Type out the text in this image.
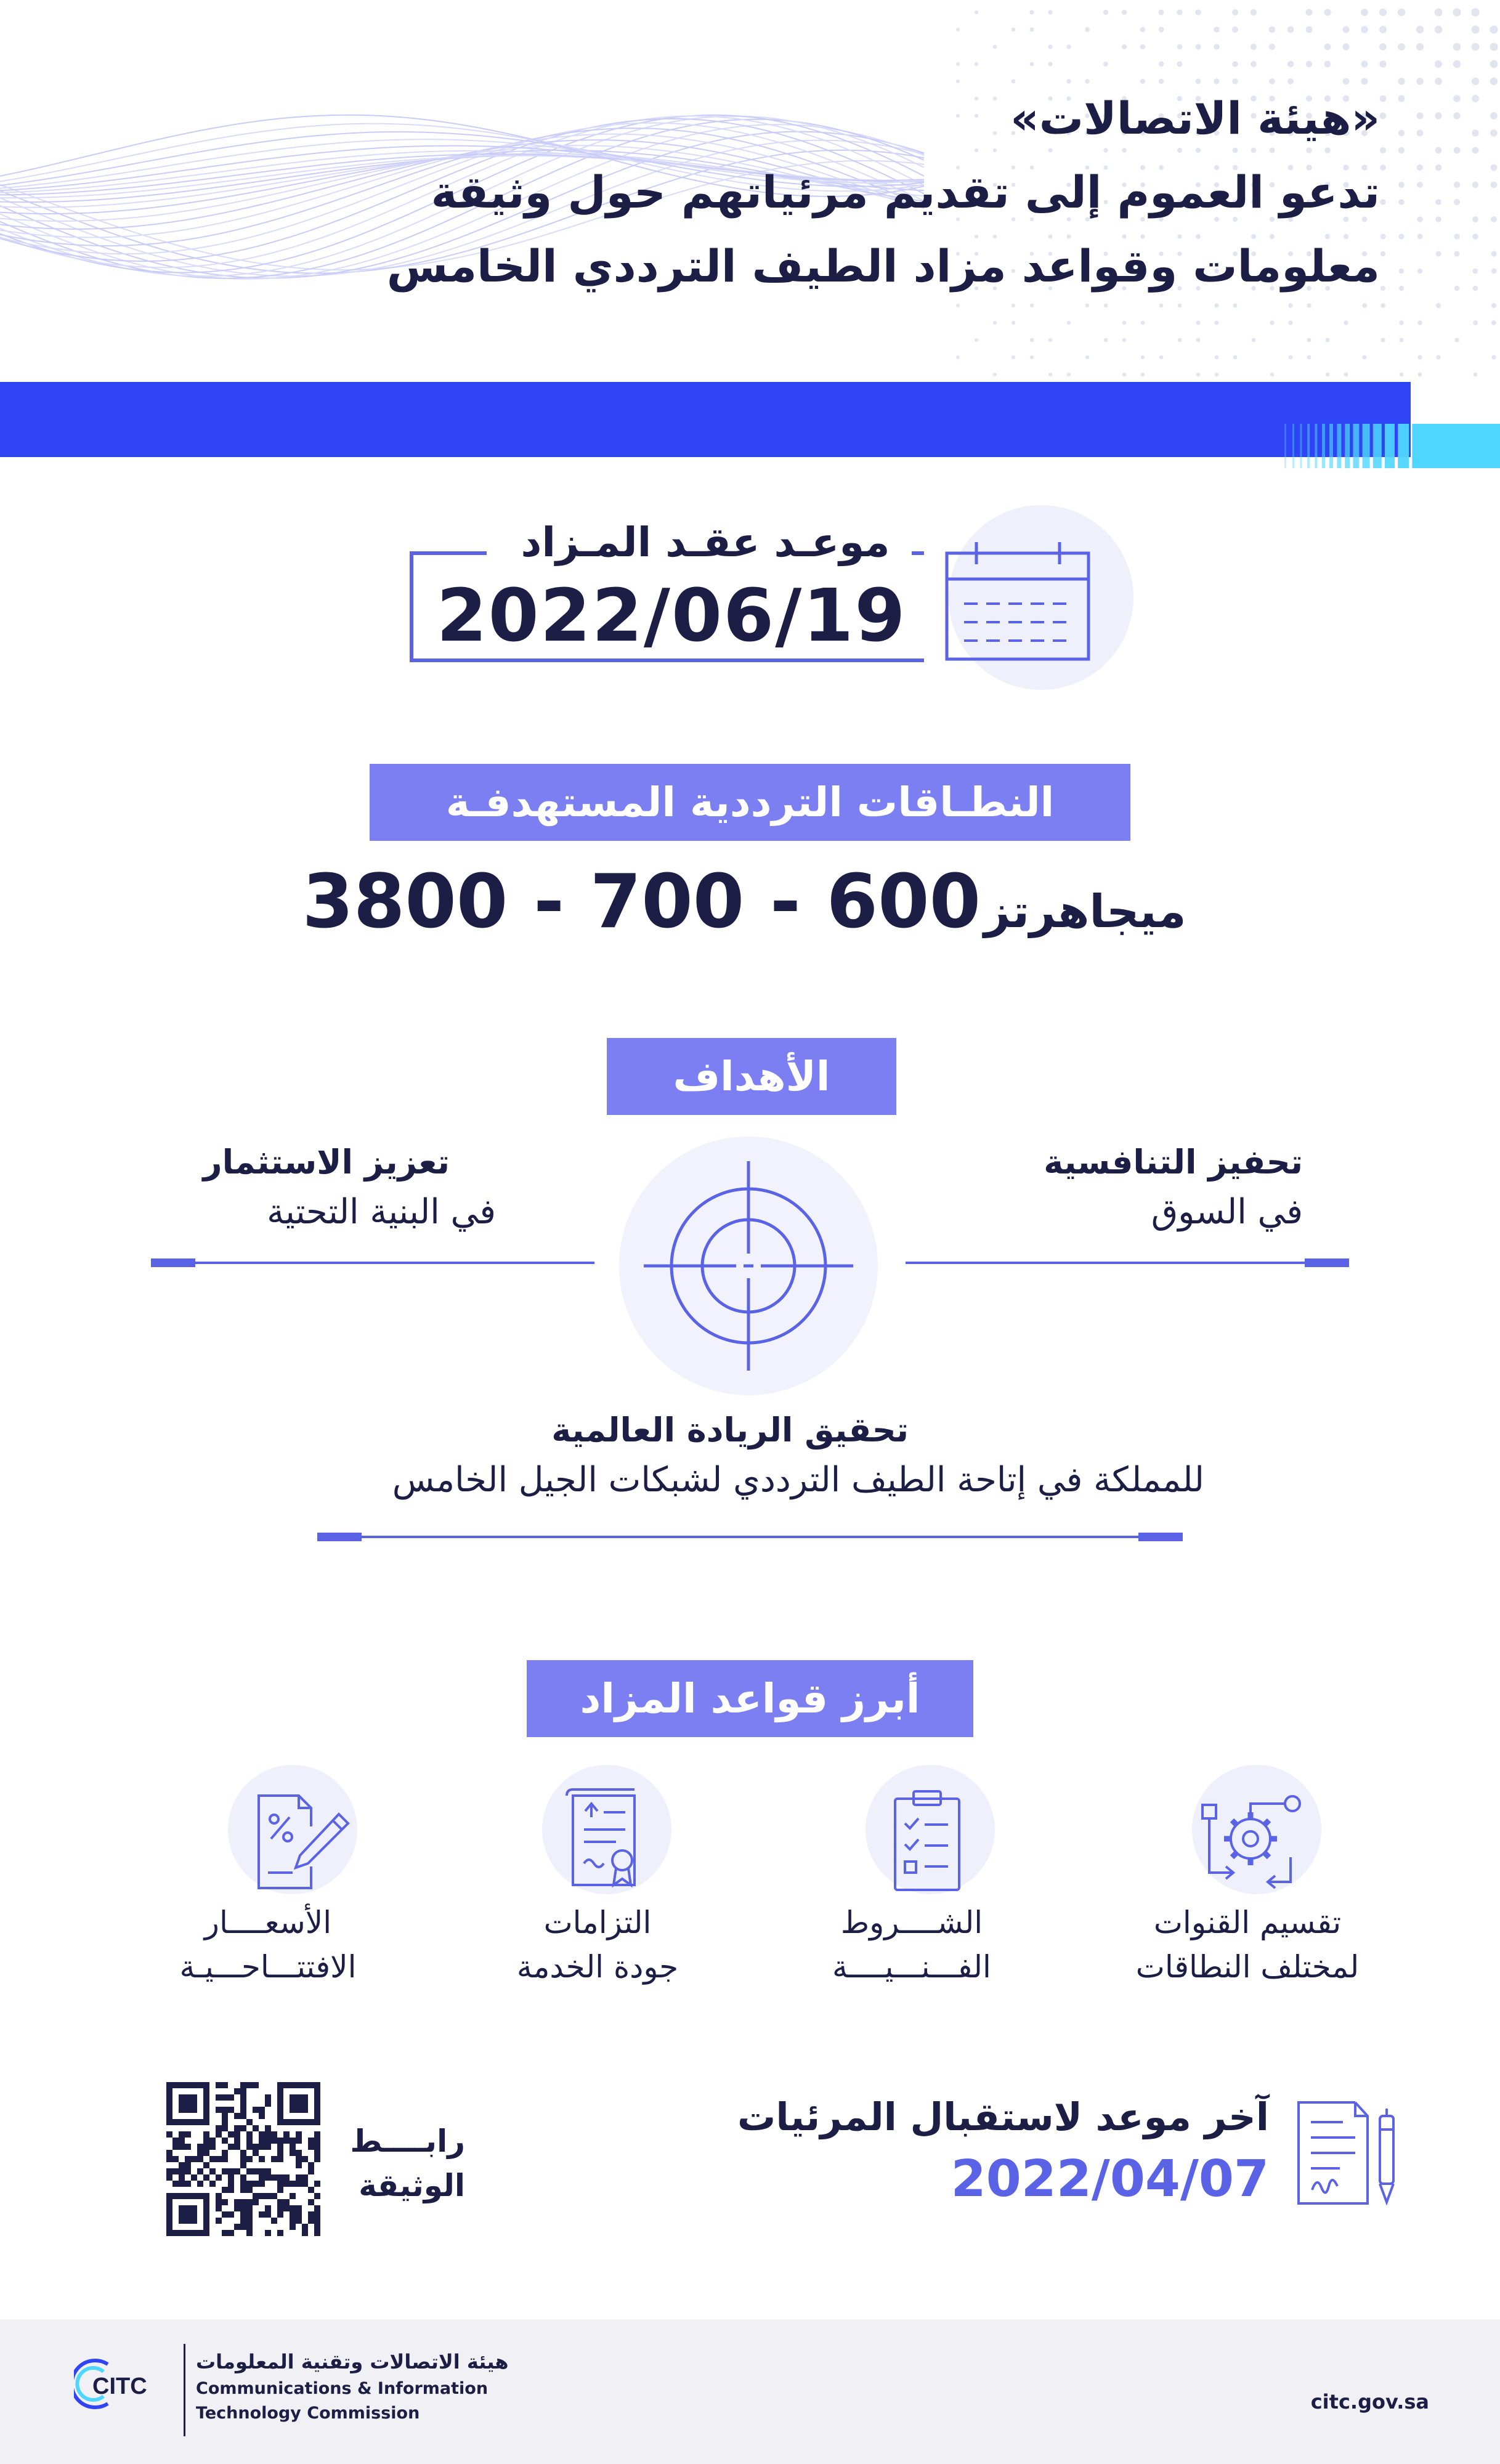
«هيئة الاتصالات»
تدعو العموم إلى تقديم مرئياتهم حول وثيقة
معلومات وقواعد مزاد الطيف الترددي الخامس
موعـد عقـد المـزاد
2022/06/19
النطـاقات الترددية المستهدفـة
ميجاهرتز 600 - 700 - 3800
الأهداف
تحفيز التنافسية
في السوق
تعزيز الاستثمار
في البنية التحتية
تحقيق الريادة العالمية
للمملكة في إتاحة الطيف الترددي لشبكات الجيل الخامس
أبرز قواعد المزاد
تقسيم القنوات
لمختلف النطاقات
الشــــروط
الفـــنـــيــــة
التزامات
جودة الخدمة
الأسعــــار
الافتتـــاحـــيـة
رابــــط
الوثيقة
آخر موعد لاستقبال المرئيات
2022/04/07
CITC
هيئة الاتصالات وتقنية المعلومات
Communications & Information
Technology Commission	citc.gov.sa
